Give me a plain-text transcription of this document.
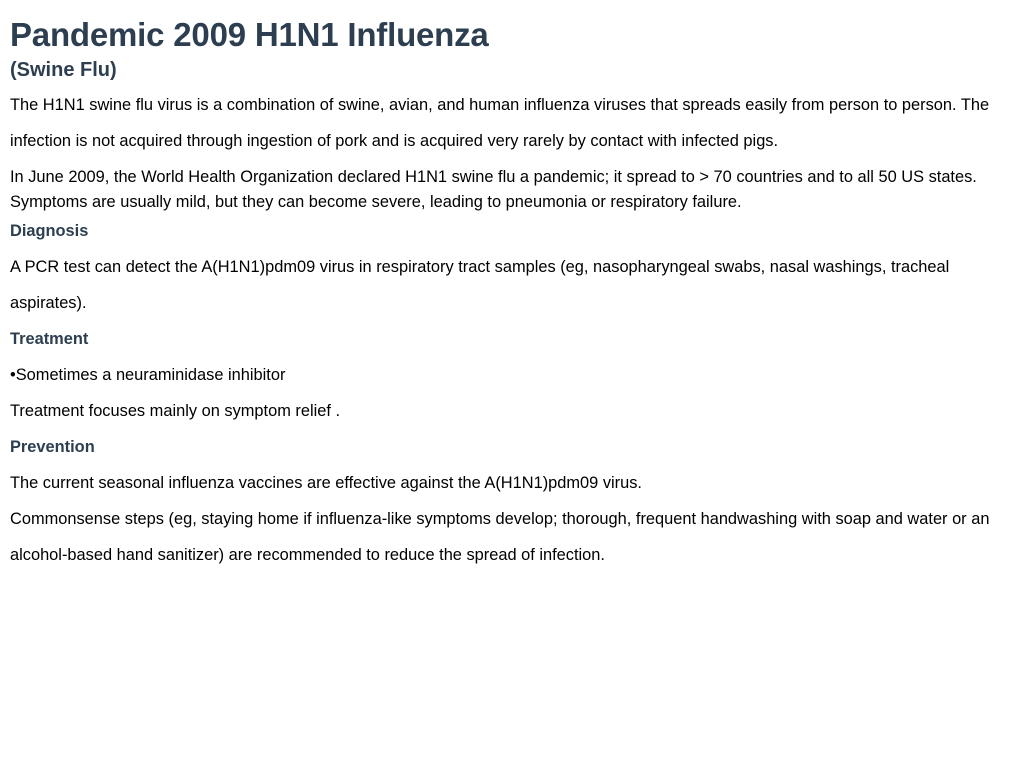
Pandemic 2009 H1N1 Influenza
(Swine Flu)

The H1N1 swine flu virus is a combination of swine, avian, and human influenza viruses that spreads easily from person to person. The infection is not acquired through ingestion of pork and is acquired very rarely by contact with infected pigs.

In June 2009, the World Health Organization declared H1N1 swine flu a pandemic; it spread to > 70 countries and to all 50 US states.

Symptoms are usually mild, but they can become severe, leading to pneumonia or respiratory failure.

Diagnosis

A PCR test can detect the A(H1N1)pdm09 virus in respiratory tract samples (eg, nasopharyngeal swabs, nasal washings, tracheal aspirates).

Treatment

•Sometimes a neuraminidase inhibitor

Treatment focuses mainly on symptom relief .

Prevention

The current seasonal influenza vaccines are effective against the A(H1N1)pdm09 virus.

Commonsense steps (eg, staying home if influenza-like symptoms develop; thorough, frequent handwashing with soap and water or an alcohol-based hand sanitizer) are recommended to reduce the spread of infection.
